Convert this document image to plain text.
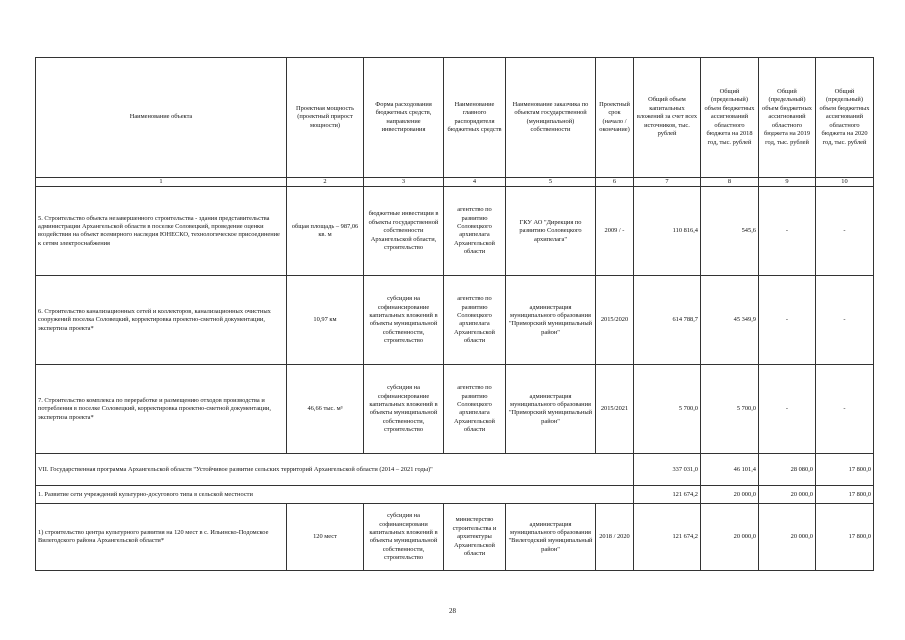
Наименование объекта	Проектная мощность (проектный прирост мощности)	Форма расходования бюджетных средств, направление инвестирования	Наименование главного распорядителя бюджетных средств	Наименование заказчика по объектам государственной (муниципальной) собственности	Проектный срок (начало / окончание)	Общий объем капитальных вложений за счет всех источников, тыс. рублей	Общий (предельный) объем бюджетных ассигнований областного бюджета на 2018 год, тыс. рублей	Общий (предельный) объем бюджетных ассигнований областного бюджета на 2019 год, тыс. рублей	Общий (предельный) объем бюджетных ассигнований областного бюджета на 2020 год, тыс. рублей
1	2	3	4	5	6	7	8	9	10
5. Строительство объекта незавершенного строительства - здания представительства администрации Архангельской области в поселке Соловецкий, проведение оценки воздействия на объект всемирного наследия ЮНЕСКО, технологическое присоединение к сетям электроснабжения	общая площадь – 987,06 кв. м	бюджетные инвестиции в объекты государственной собственности Архангельской области, строительство	агентство по развитию Соловецкого архипелага Архангельской области	ГКУ АО "Дирекция по развитию Соловецкого архипелага"	2009 / -	110 816,4	545,6	-	-
6. Строительство канализационных сетей и коллекторов, канализационных очистных сооружений поселка Соловецкий, корректировка проектно-сметной документации, экспертиза проекта*	10,97 км	субсидия на софинансирование капитальных вложений в объекты муниципальной собственности, строительство	агентство по развитию Соловецкого архипелага Архангельской области	администрация муниципального образования "Приморский муниципальный район"	2015/2020	614 788,7	45 349,9	-	-
7. Строительство комплекса по переработке и размещению отходов производства и потребления в поселке Соловецкий, корректировка проектно-сметной документации, экспертиза проекта*	46,66 тыс. м³	субсидия на софинансирование капитальных вложений в объекты муниципальной собственности, строительство	агентство по развитию Соловецкого архипелага Архангельской области	администрация муниципального образования "Приморский муниципальный район"	2015/2021	5 700,0	5 700,0	-	-
VII. Государственная программа Архангельской области "Устойчивое развитие сельских территорий Архангельской области (2014 – 2021 годы)"						337 031,0	46 101,4	28 080,0	17 800,0
1. Развитие сети учреждений культурно-досугового типа в сельской местности						121 674,2	20 000,0	20 000,0	17 800,0
1) строительство центра культурного развития на 120 мест в с. Ильинско-Подомское Вилегодского района Архангельской области*	120 мест	субсидия на софинансировани капитальных вложений в объекты муниципальной собственности, строительство	министерство строительства и архитектуры Архангельской области	администрация муниципального образования "Вилегодский муниципальный район"	2018 / 2020	121 674,2	20 000,0	20 000,0	17 800,0
28
